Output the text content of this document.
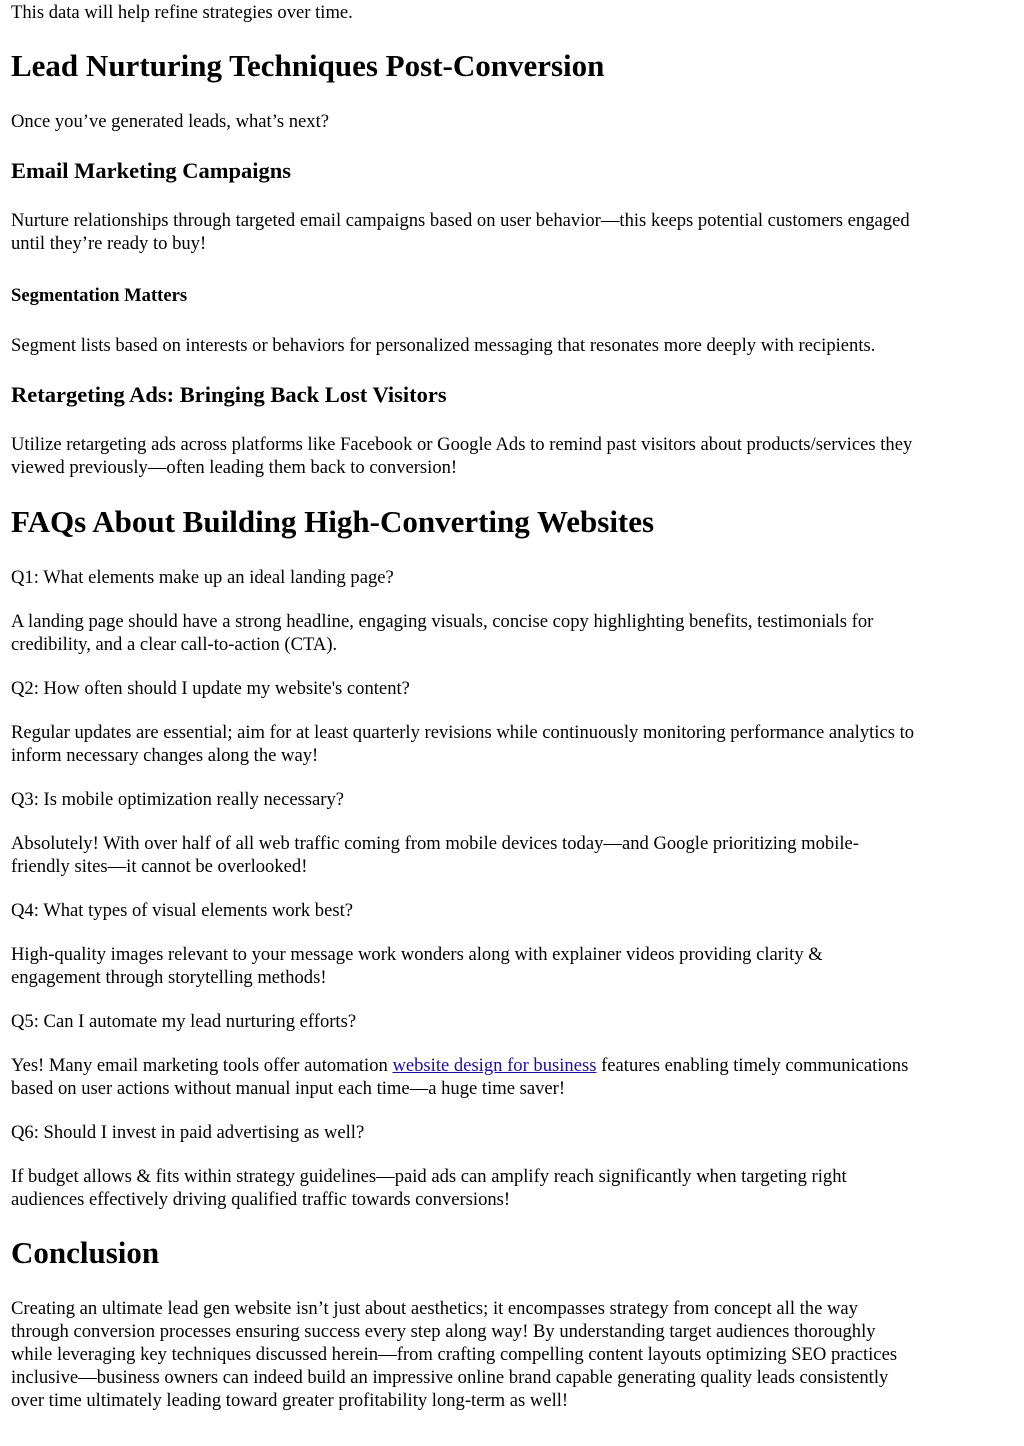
This data will help refine strategies over time.

Lead Nurturing Techniques Post-Conversion

Once you’ve generated leads, what’s next?

Email Marketing Campaigns

Nurture relationships through targeted email campaigns based on user behavior—this keeps potential customers engaged
until they’re ready to buy!

Segmentation Matters

Segment lists based on interests or behaviors for personalized messaging that resonates more deeply with recipients.

Retargeting Ads: Bringing Back Lost Visitors

Utilize retargeting ads across platforms like Facebook or Google Ads to remind past visitors about products/services they
viewed previously—often leading them back to conversion!

FAQs About Building High-Converting Websites

Q1: What elements make up an ideal landing page?

A landing page should have a strong headline, engaging visuals, concise copy highlighting benefits, testimonials for
credibility, and a clear call-to-action (CTA).

Q2: How often should I update my website's content?

Regular updates are essential; aim for at least quarterly revisions while continuously monitoring performance analytics to
inform necessary changes along the way!

Q3: Is mobile optimization really necessary?

Absolutely! With over half of all web traffic coming from mobile devices today—and Google prioritizing mobile-
friendly sites—it cannot be overlooked!

Q4: What types of visual elements work best?

High-quality images relevant to your message work wonders along with explainer videos providing clarity &
engagement through storytelling methods!

Q5: Can I automate my lead nurturing efforts?

Yes! Many email marketing tools offer automation website design for business features enabling timely communications
based on user actions without manual input each time—a huge time saver!

Q6: Should I invest in paid advertising as well?

If budget allows & fits within strategy guidelines—paid ads can amplify reach significantly when targeting right
audiences effectively driving qualified traffic towards conversions!

Conclusion

Creating an ultimate lead gen website isn’t just about aesthetics; it encompasses strategy from concept all the way
through conversion processes ensuring success every step along way! By understanding target audiences thoroughly
while leveraging key techniques discussed herein—from crafting compelling content layouts optimizing SEO practices
inclusive—business owners can indeed build an impressive online brand capable generating quality leads consistently
over time ultimately leading toward greater profitability long-term as well!
